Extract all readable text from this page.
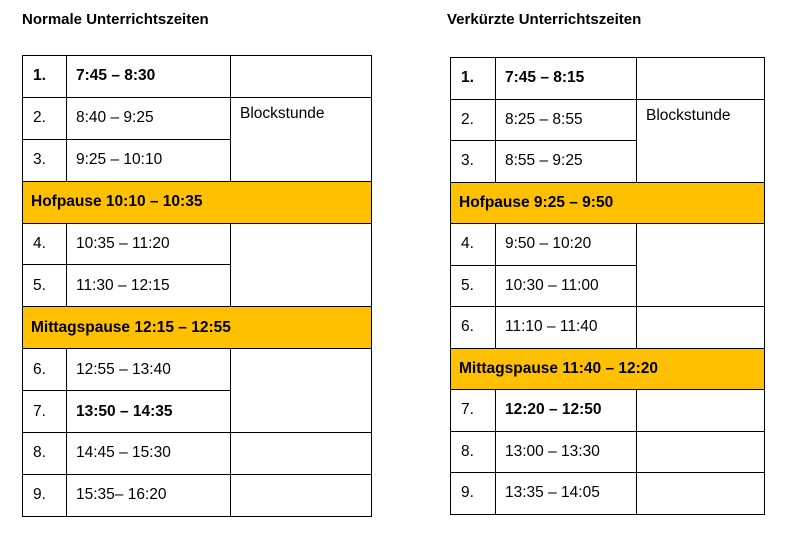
Normale Unterrichtszeiten	Verkürzte Unterrichtszeiten
1.	7:45 – 8:30	
2.	8:40 – 9:25	Blockstunde
3.	9:25 – 10:10	
Hofpause 10:10 – 10:35		
4.	10:35 – 11:20	
5.	11:30 – 12:15	
Mittagspause 12:15 – 12:55		
6.	12:55 – 13:40	
7.	13:50 – 14:35	
8.	14:45 – 15:30	
9.	15:35– 16:20	
1.	7:45 – 8:15	
2.	8:25 – 8:55	Blockstunde
3.	8:55 – 9:25	
Hofpause 9:25 – 9:50		
4.	9:50 – 10:20	
5.	10:30 – 11:00	
6.	11:10 – 11:40	
Mittagspause 11:40 – 12:20		
7.	12:20 – 12:50	
8.	13:00 – 13:30	
9.	13:35 – 14:05	
